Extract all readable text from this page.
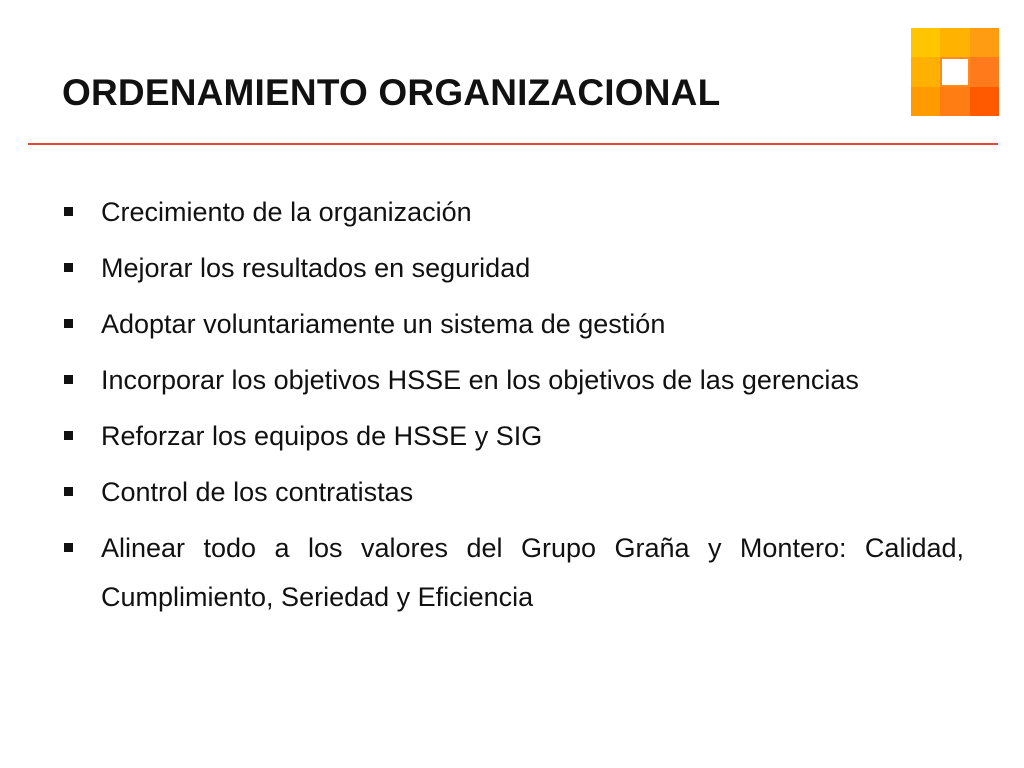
ORDENAMIENTO ORGANIZACIONAL
Crecimiento de la organización
Mejorar los resultados en seguridad
Adoptar voluntariamente un sistema de gestión
Incorporar los objetivos HSSE en los objetivos de las gerencias
Reforzar los equipos de HSSE y SIG
Control de los contratistas
Alinear todo a los valores del Grupo Graña y Montero: Calidad, Cumplimiento, Seriedad y Eficiencia
